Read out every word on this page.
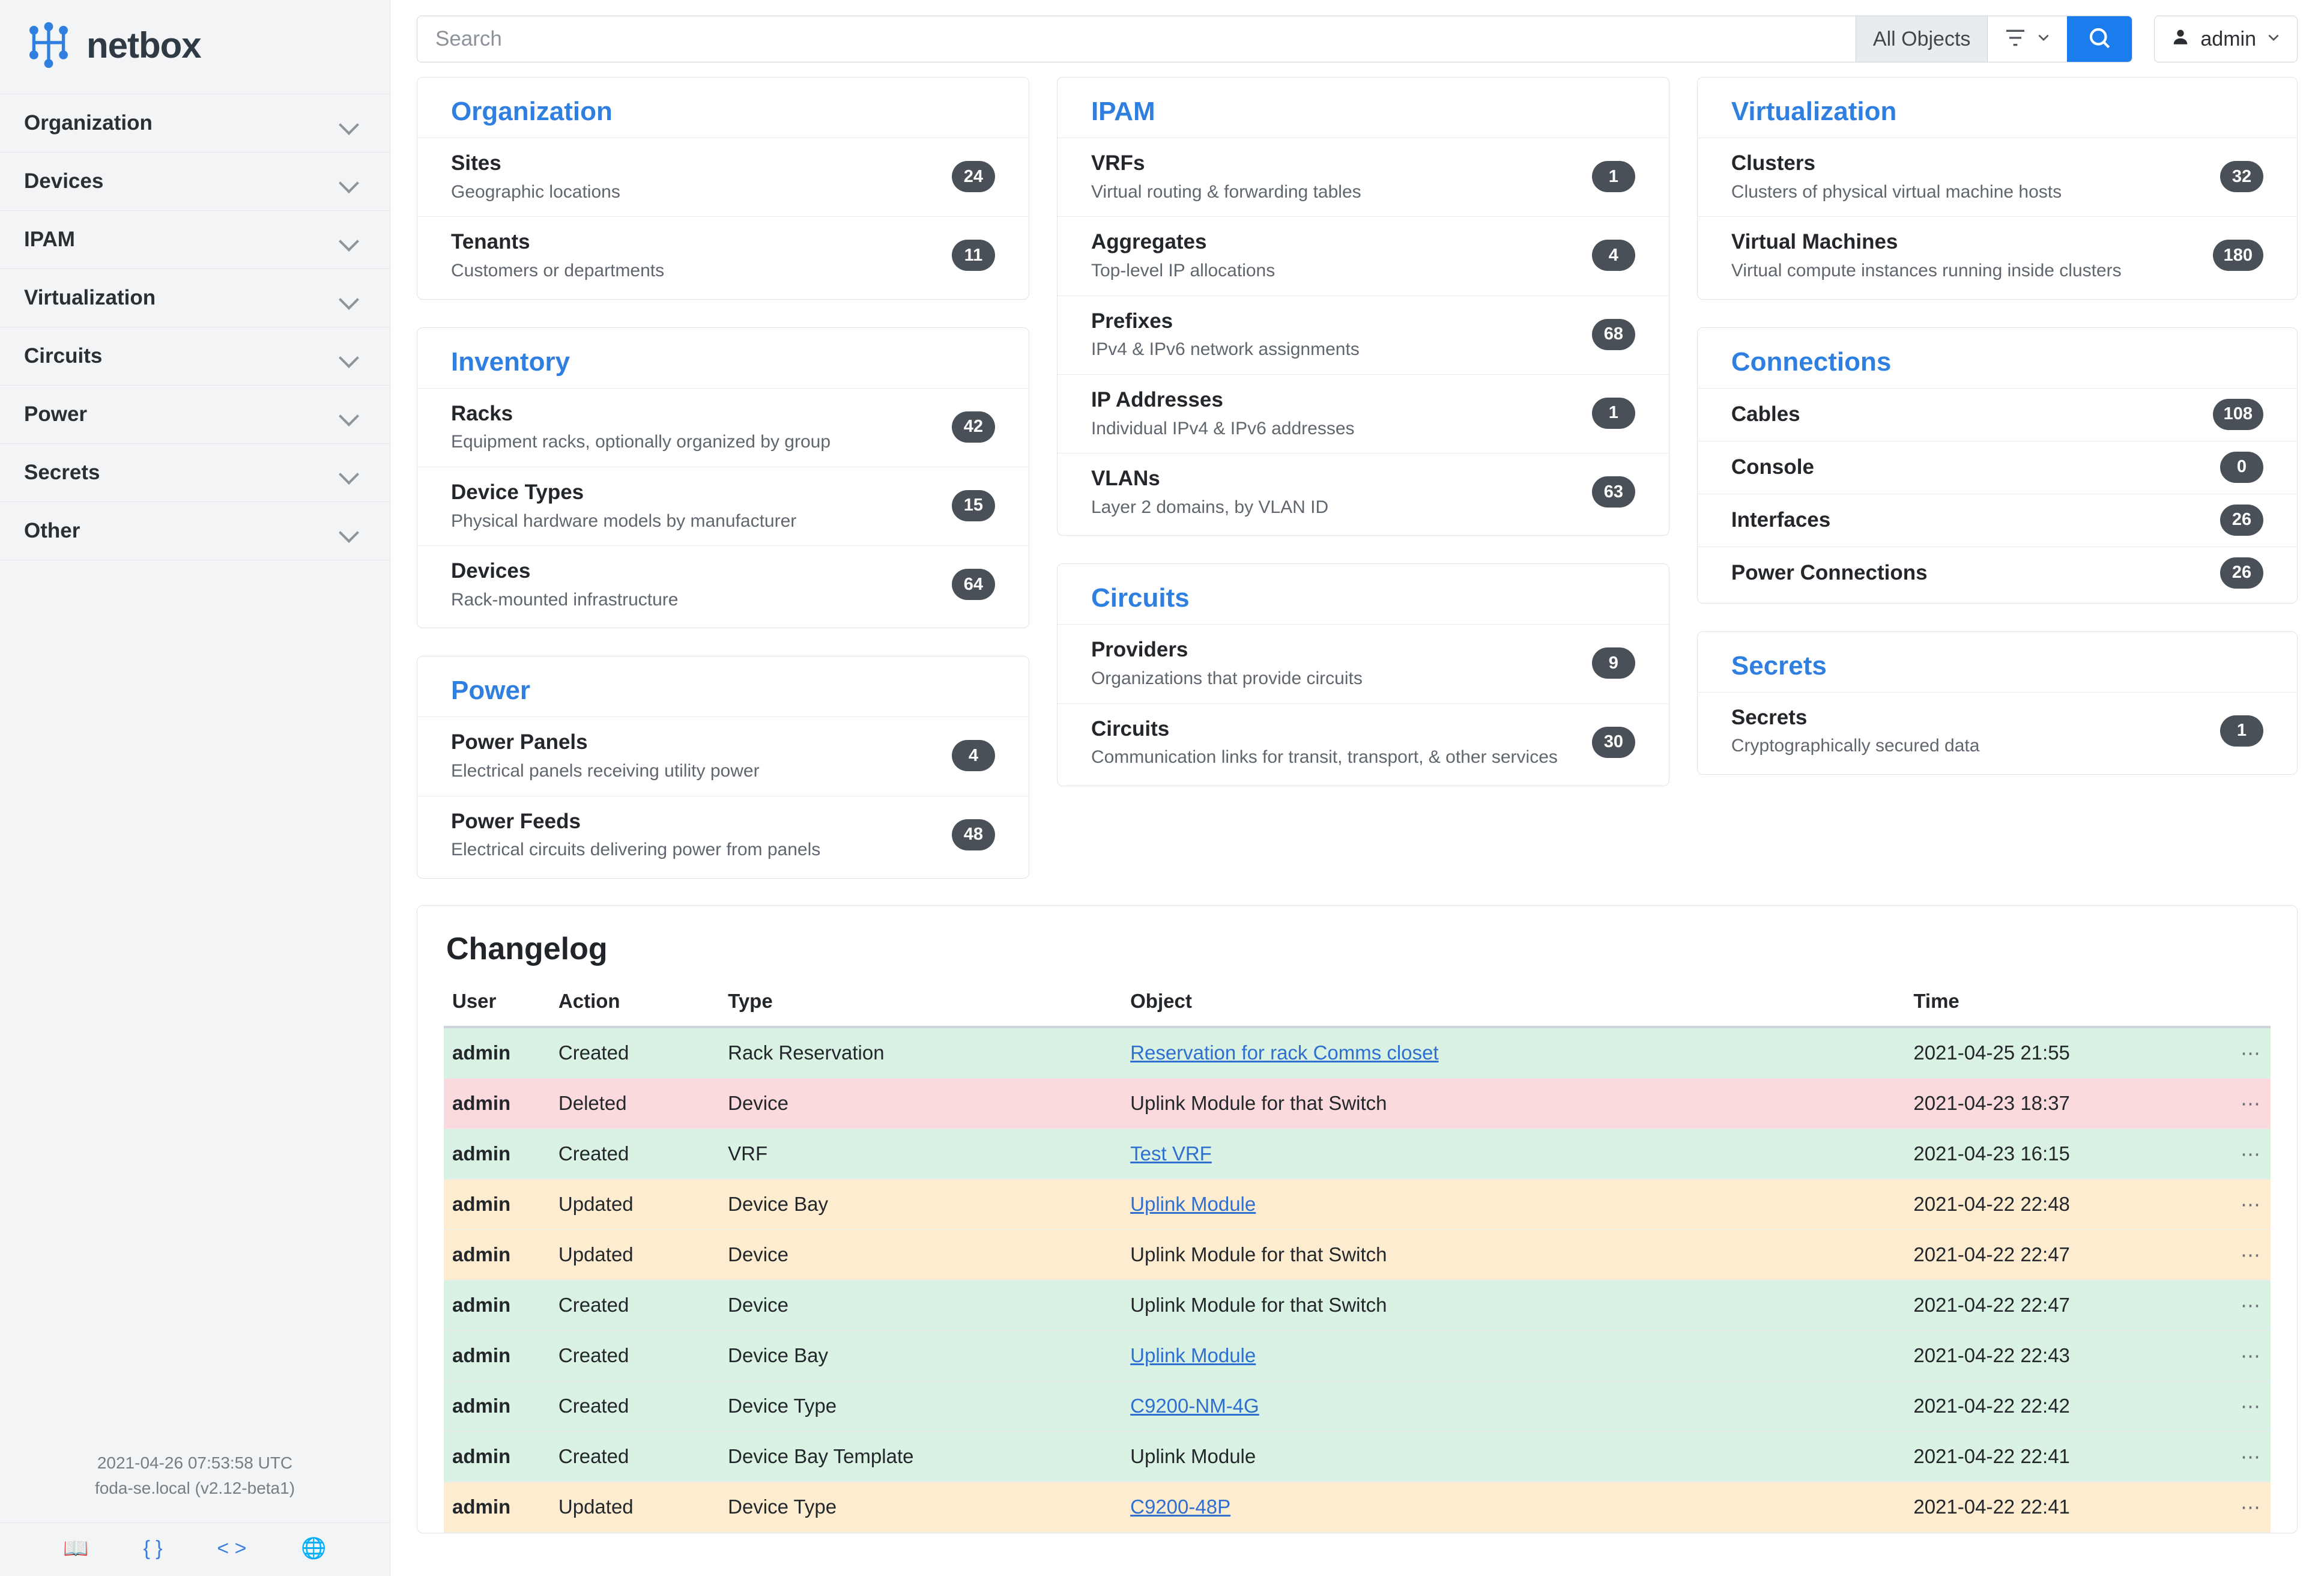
netbox
Organization
Devices
IPAM
Virtualization
Circuits
Power
Secrets
Other
2021-04-26 07:53:58 UTC
foda-se.local (v2.12-beta1)
📖	{ }	< >	🌐
Search
All Objects	admin
Organization
Sites
Geographic locations
24
Tenants
Customers or departments
11
Inventory
Racks
Equipment racks, optionally organized by group
42
Device Types
Physical hardware models by manufacturer
15
Devices
Rack-mounted infrastructure
64
Power
Power Panels
Electrical panels receiving utility power
4
Power Feeds
Electrical circuits delivering power from panels
48
IPAM
VRFs
Virtual routing & forwarding tables
1
Aggregates
Top-level IP allocations
4
Prefixes
IPv4 & IPv6 network assignments
68
IP Addresses
Individual IPv4 & IPv6 addresses
1
VLANs
Layer 2 domains, by VLAN ID
63
Circuits
Providers
Organizations that provide circuits
9
Circuits
Communication links for transit, transport, & other services
30
Virtualization
Clusters
Clusters of physical virtual machine hosts
32
Virtual Machines
Virtual compute instances running inside clusters
180
Connections
Cables	108
Console	0
Interfaces	26
Power Connections	26
Secrets
Secrets
Cryptographically secured data
1
Changelog
User	Action	Type	Object	Time	
admin	Created	Rack Reservation	Reservation for rack Comms closet	2021-04-25 21:55	⋯
admin	Deleted	Device	Uplink Module for that Switch	2021-04-23 18:37	⋯
admin	Created	VRF	Test VRF	2021-04-23 16:15	⋯
admin	Updated	Device Bay	Uplink Module	2021-04-22 22:48	⋯
admin	Updated	Device	Uplink Module for that Switch	2021-04-22 22:47	⋯
admin	Created	Device	Uplink Module for that Switch	2021-04-22 22:47	⋯
admin	Created	Device Bay	Uplink Module	2021-04-22 22:43	⋯
admin	Created	Device Type	C9200-NM-4G	2021-04-22 22:42	⋯
admin	Created	Device Bay Template	Uplink Module	2021-04-22 22:41	⋯
admin	Updated	Device Type	C9200-48P	2021-04-22 22:41	⋯
